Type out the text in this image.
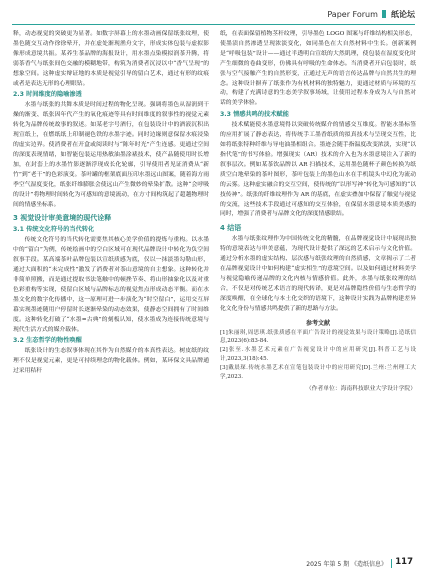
Paper Forum 纸论坛

释，动态视觉的突破更为显著。如数字屏幕上的水墨动画保留纸张纹理，使墨色随交互动作徐徐晕开，并在虚处渐现渔舟文字，形成实体包装与虚拟影像形成意境共振。某养生茶品牌的海报设计，用水墨点染模拟润茶升腾，将弱茶香气与纸张间色交融的模糊地带，构筑为消费者沉浸以中“香气呈现”的想象空间。这种虚实辩证地的本质是视觉引导的留白艺术，通过有形的纹痕或者是表达无形的心理眼钻。

2.3 时间维度的隐喻渗透

水墨与纸张的共舞本质是时间过程的物化呈现。强调将墨色从湿润到干燥的渐变、纸张因年代产生的氧化痕迹等具有时间维度的叙事性的视觉元素转化为品牌传统故事的叙述。如某老字号酒行，在包装设计中的酒液沉积出现宣纸上，在燃纸纸上印制褪色铁的水墨字迹。同时边缘则意保留水痕浸染的虚实边界。使消费者在开盒或阅读时与“陈年时光”产生连感。更通过空间的深度表现情绪，如智能包装运用热敏油墨涂裱技术，使产品随使用时长增加，在封套上的水墨竹影逐渐浮现成长化轮廓，引导使用者见证消费从“新竹”到“老干”的色彩演变。茶叶罐的框架底面压印水墨远山图案，随着海方雨季空气湿度变化，纸张纤维膨胀会使远山产生微妙的晕染扩散。这种“会呼吸的设计”将物理时间转化为可感知的意境流动，在方寸间构筑起了超越物理时间的情感坐标系。

3 视觉设计审美意境的现代诠释
3.1 传统文化符号的当代转化

传统文化符号的当代转化需要焦其核心美学价值的提炼与重构。以水墨中的“留白”为例，传统绘画中的空白区域可在现代品牌设计中转化为负空间叙事手段。某高端茶叶品牌包装以宣纸质感为底，仅以一抹淡墨勾勒山形，通过大面积的“未完成性”激发了消费者对茶山意境的自主想象。这种转化并非简单照搬，而是通过提取书法笔触中的顿挫节奏、将山形抽象化以及对重色彩重构等实现，使留白区域与品牌标志的视觉焦点形成动态平衡。而在水墨文化的数字化传播中，这一原理可进一步演化为“时空留白”，运用交互屏幕实现墨迹随用户停留时长逐渐晕染的动态效果，使静态空间拥有了时间维度。这种转化打破了“水墨=古典”的刻板认知，使水墨成为连接传统意境与现代生活方式的媒介载体。

3.2 生态哲学的物性唤醒

纸张设计的生态叙事体现在其作为自然媒介的本真性表达。树皮纸的纹理不仅是视觉元素，更是可持续理念的物化载体。例如，某环保文具品牌通过采用秸秆

纸，在表面保留植物茎秆纹理，引导墨色 LOGO 图案与纤维结构相关形态，使墨渍自然渗透呈现浓淡变化，如同墨色在大自然材料中生长。创新案例是“呼吸包装”设计——通过半透明白宣纸的大然肌理，使包装在湿度变化时产生细微的卷曲变形，仿佛具有呼吸的生命体态。当消费者开启包装时，纸张与空气接触产生的自然形变，正通过无声的语言传达品牌与自然共生的理念。这种设计摒弃了纸张作为有机材料的独特魅力，更通过材质与环境的互动，构建了充满诗意的生态美学叙事场域，让使用过程本身成为人与自然对话的美学体验。

3.3 情感共鸣的技术赋能

技术赋能使水墨意境得以突破传统媒介的情感交互维度。智能水墨标签的应用扩展了静态表达，将传统手工墨香纸质的拟真技术与呈现交互性，比如将纸张特种纤维与导电油墨相组合。墨迹会随手指温度改变浓淡，实现“以指代笔”的书写体验。增强现实（AR）技术的介入也为水墨意境注入了新的叙事层次。例如某茶饮品牌以 AR 扫描技术，运用墨色随杯子颜色转换为纸质空白地晕染的茶叶图形，茶叶包装上的墨色山水在手机镜头中幻化为流动的云雾。这种虚实融合的交互空间，使传统的“以形写神”转化为可感知的“以技传神”。纸张的纤维纹理作为 AR 的基底，在虚实叠加中保留了触觉与视觉的交流，这些技术手段通过可感知的交互体验，在保留水墨意境本质美感的同时，增强了消费者与品牌文化的深度情感联结。

4 结语

水墨与纸张纹理作为中国传统文化的精髓，在品牌视觉设计中展现出独特的意境表达与审美意蕴，为现代设计提供了深远的艺术启示与文化价值。通过分析水墨的虚实结构、层次感与纸张纹理的自然质感，文章揭示了二者在品牌视觉设计中如何构建“虚实相生”的意境空间。以及如何通过材料美学与视觉隐喻传递品牌的文化内核与情感价值。此外，水墨与纸张纹理的结合，不仅是对传统艺术语言的现代转译，更是对品牌隐性价值与生态哲学的深度唤醒，在全球化与本土化交织的语境下，这种设计实践为品牌构建差异化文化身份与情感共鸣提供了新的思路与方法。

参考文献

[1]朱丽琪,周思琪.纸张质感在平面广告设计的视觉效果与设计策略[J].造纸信息,2023(6):83-84.

[2]张至.水墨艺术元素在广告视觉设计中的应用研究[J].科普工艺与设计,2023,3(18):45.

[3]戴晨琛.传统水墨艺术在宣笔包装设计中的应用研究[D].兰州:兰州理工大学,2023.

（作者单位：海南科技职业大学设计学院）
2025 年第 5 期 《造纸信息》 117
